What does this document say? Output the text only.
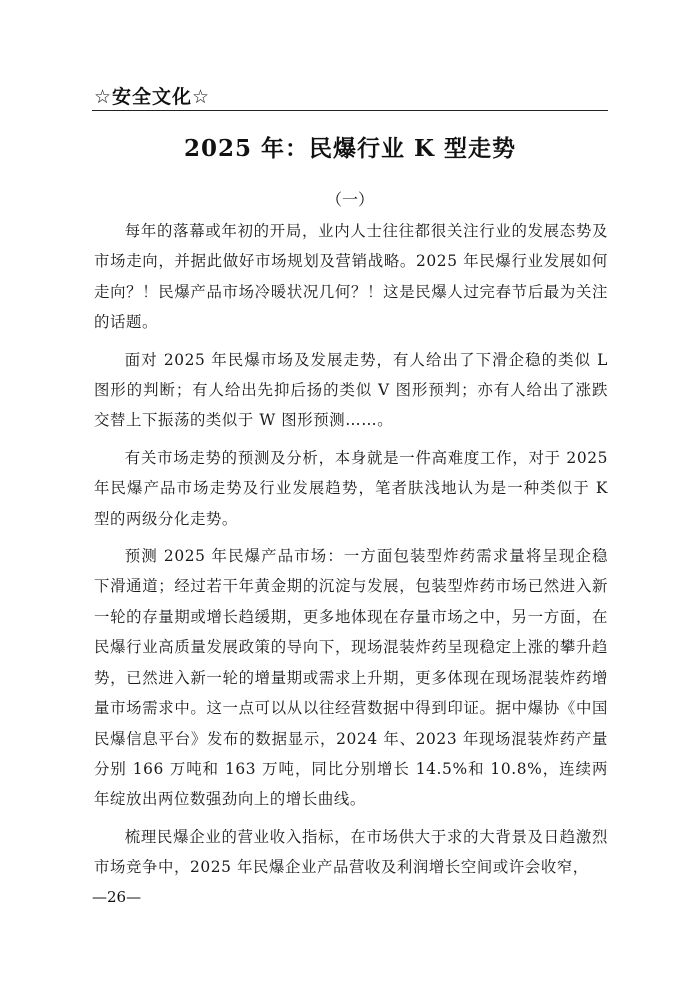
☆安全文化☆
2025 年：民爆行业 K 型走势
（一）

每年的落幕或年初的开局，业内人士往往都很关注行业的发展态势及市场走向，并据此做好市场规划及营销战略。2025 年民爆行业发展如何走向？！民爆产品市场冷暖状况几何？！这是民爆人过完春节后最为关注的话题。

面对 2025 年民爆市场及发展走势，有人给出了下滑企稳的类似 L 图形的判断；有人给出先抑后扬的类似 V 图形预判；亦有人给出了涨跌交替上下振荡的类似于 W 图形预测……。

有关市场走势的预测及分析，本身就是一件高难度工作，对于 2025 年民爆产品市场走势及行业发展趋势，笔者肤浅地认为是一种类似于 K 型的两级分化走势。

预测 2025 年民爆产品市场：一方面包装型炸药需求量将呈现企稳下滑通道；经过若干年黄金期的沉淀与发展，包装型炸药市场已然进入新一轮的存量期或增长趋缓期，更多地体现在存量市场之中，另一方面，在民爆行业高质量发展政策的导向下，现场混装炸药呈现稳定上涨的攀升趋势，已然进入新一轮的增量期或需求上升期，更多体现在现场混装炸药增量市场需求中。这一点可以从以往经营数据中得到印证。据中爆协《中国民爆信息平台》发布的数据显示，2024 年、2023 年现场混装炸药产量分别 166 万吨和 163 万吨，同比分别增长 14.5%和 10.8%，连续两年绽放出两位数强劲向上的增长曲线。

梳理民爆企业的营业收入指标，在市场供大于求的大背景及日趋激烈市场竞争中，2025 年民爆企业产品营收及利润增长空间或许会收窄，

—26—
